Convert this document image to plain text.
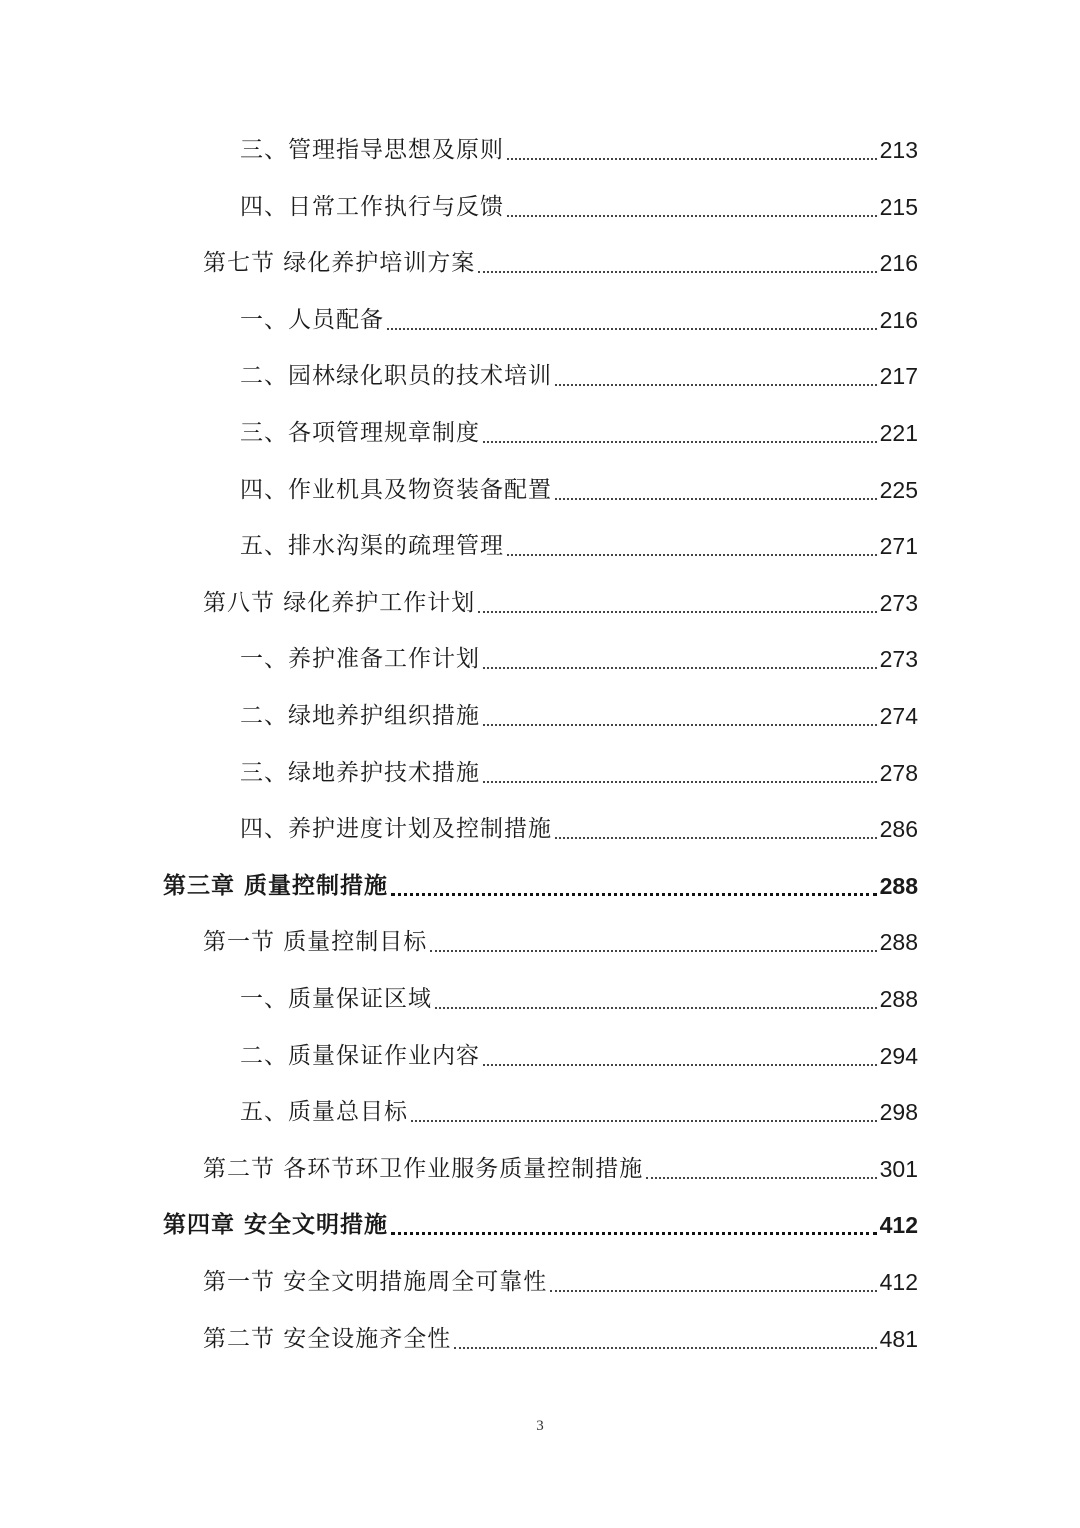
三、管理指导思想及原则	213
四、日常工作执行与反馈	215
第七节 绿化养护培训方案	216
一、人员配备	216
二、园林绿化职员的技术培训	217
三、各项管理规章制度	221
四、作业机具及物资装备配置	225
五、排水沟渠的疏理管理	271
第八节 绿化养护工作计划	273
一、养护准备工作计划	273
二、绿地养护组织措施	274
三、绿地养护技术措施	278
四、养护进度计划及控制措施	286
第三章 质量控制措施	288
第一节 质量控制目标	288
一、质量保证区域	288
二、质量保证作业内容	294
五、质量总目标	298
第二节 各环节环卫作业服务质量控制措施	301
第四章 安全文明措施	412
第一节 安全文明措施周全可靠性	412
第二节 安全设施齐全性	481
3
